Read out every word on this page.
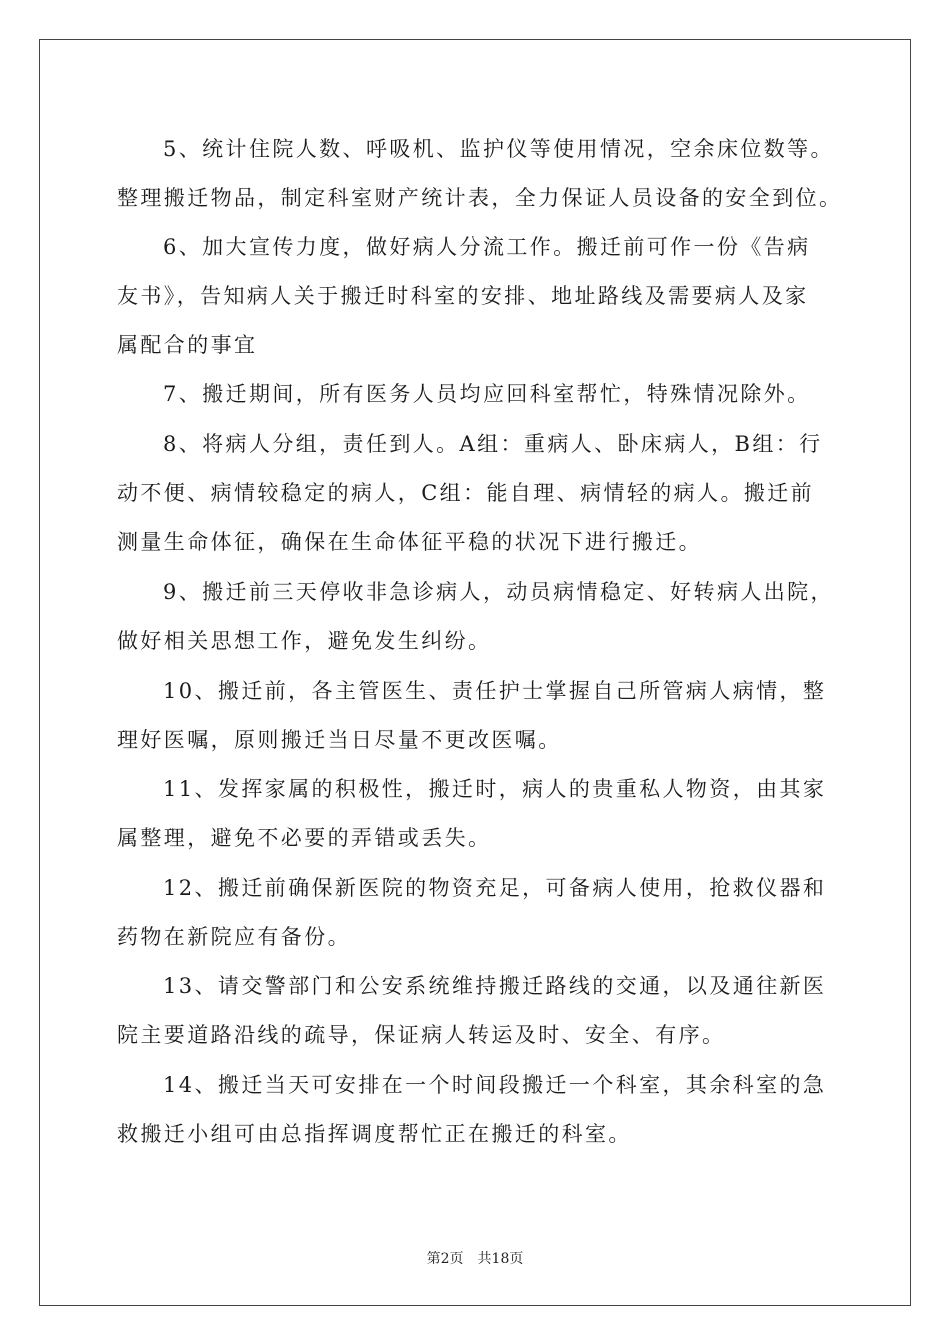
5、统计住院人数、呼吸机、监护仪等使用情况，空余床位数等。
整理搬迁物品，制定科室财产统计表，全力保证人员设备的安全到位。
6、加大宣传力度，做好病人分流工作。搬迁前可作一份《告病
友书》，告知病人关于搬迁时科室的安排、地址路线及需要病人及家
属配合的事宜
7、搬迁期间，所有医务人员均应回科室帮忙，特殊情况除外。
8、将病人分组，责任到人。A组：重病人、卧床病人，B组：行
动不便、病情较稳定的病人，C组：能自理、病情轻的病人。搬迁前
测量生命体征，确保在生命体征平稳的状况下进行搬迁。
9、搬迁前三天停收非急诊病人，动员病情稳定、好转病人出院，
做好相关思想工作，避免发生纠纷。
10、搬迁前，各主管医生、责任护士掌握自己所管病人病情，整
理好医嘱，原则搬迁当日尽量不更改医嘱。
11、发挥家属的积极性，搬迁时，病人的贵重私人物资，由其家
属整理，避免不必要的弄错或丢失。
12、搬迁前确保新医院的物资充足，可备病人使用，抢救仪器和
药物在新院应有备份。
13、请交警部门和公安系统维持搬迁路线的交通，以及通往新医
院主要道路沿线的疏导，保证病人转运及时、安全、有序。
14、搬迁当天可安排在一个时间段搬迁一个科室，其余科室的急
救搬迁小组可由总指挥调度帮忙正在搬迁的科室。
第2页　共18页
